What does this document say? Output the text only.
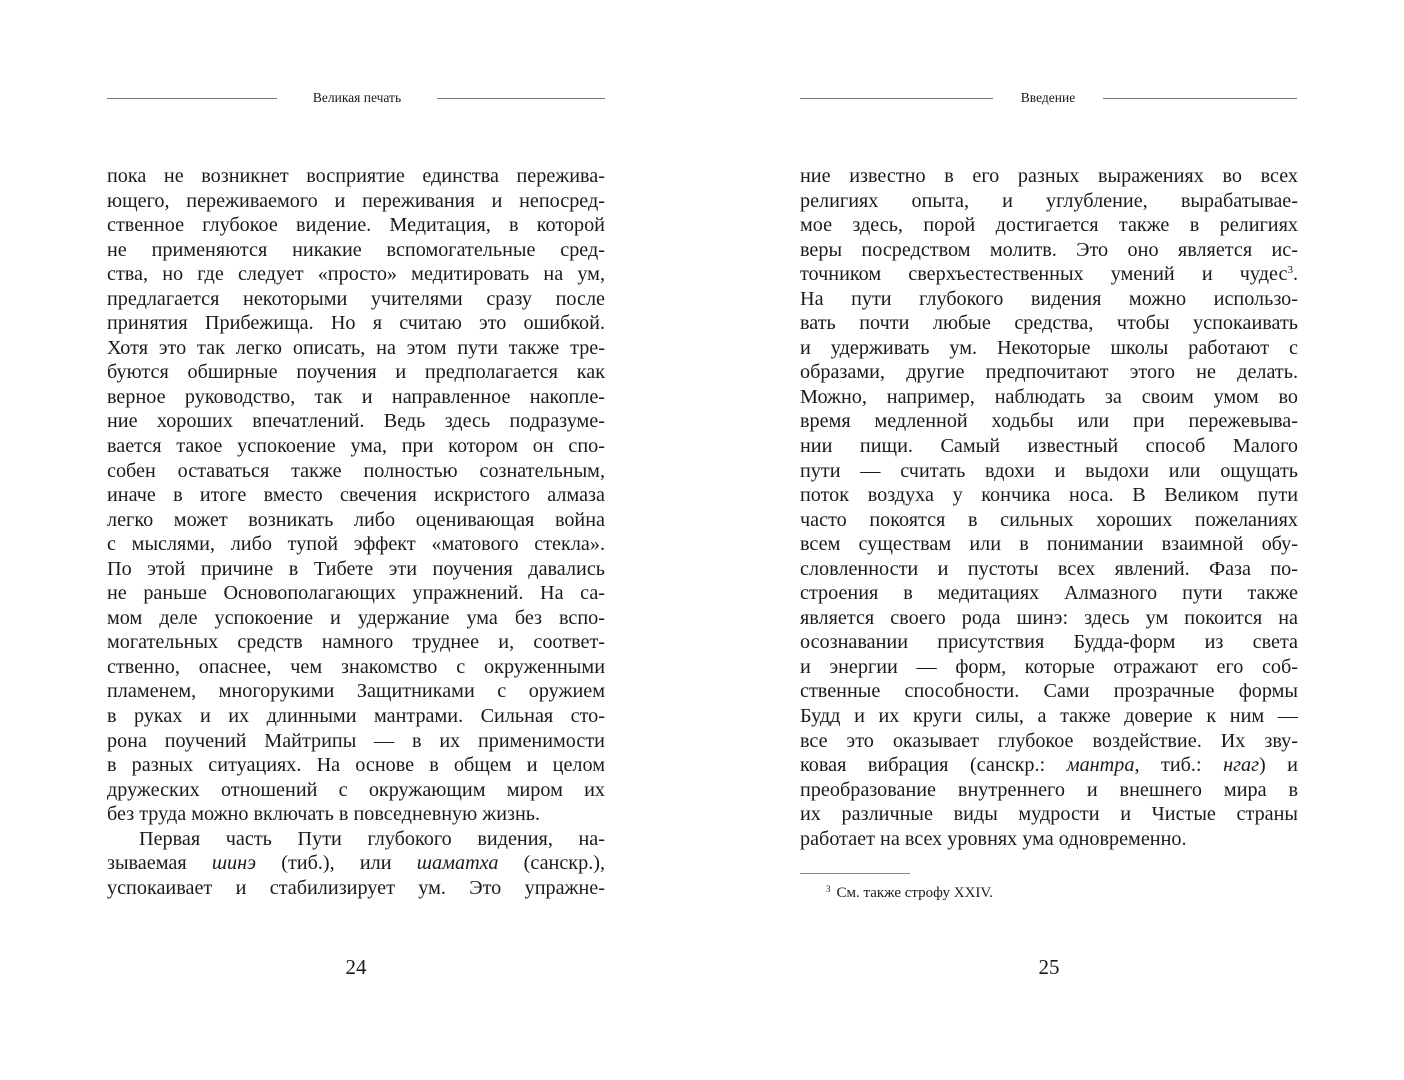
Великая печать
пока не возникнет восприятие единства пережива-
ющего, переживаемого и переживания и непосред-
ственное глубокое видение. Медитация, в которой
не применяются никакие вспомогательные сред-
ства, но где следует «просто» медитировать на ум,
предлагается некоторыми учителями сразу после
принятия Прибежища. Но я считаю это ошибкой.
Хотя это так легко описать, на этом пути также тре-
буются обширные поучения и предполагается как
верное руководство, так и направленное накопле-
ние хороших впечатлений. Ведь здесь подразуме-
вается такое успокоение ума, при котором он спо-
собен оставаться также полностью сознательным,
иначе в итоге вместо свечения искристого алмаза
легко может возникать либо оценивающая война
с мыслями, либо тупой эффект «матового стекла».
По этой причине в Тибете эти поучения давались
не раньше Основополагающих упражнений. На са-
мом деле успокоение и удержание ума без вспо-
могательных средств намного труднее и, соответ-
ственно, опаснее, чем знакомство с окруженными
пламенем, многорукими Защитниками с оружием
в руках и их длинными мантрами. Сильная сто-
рона поучений Майтрипы — в их применимости
в разных ситуациях. На основе в общем и целом
дружеских отношений с окружающим миром их
без труда можно включать в повседневную жизнь.
Первая часть Пути глубокого видения, на-
зываемая шинэ (тиб.), или шаматха (санскр.),
успокаивает и стабилизирует ум. Это упражне-
24
Введение
ние известно в его разных выражениях во всех
религиях опыта, и углубление, вырабатывае-
мое здесь, порой достигается также в религиях
веры посредством молитв. Это оно является ис-
точником сверхъестественных умений и чудес$^3$.
На пути глубокого видения можно использо-
вать почти любые средства, чтобы успокаивать
и удерживать ум. Некоторые школы работают с
образами, другие предпочитают этого не делать.
Можно, например, наблюдать за своим умом во
время медленной ходьбы или при пережевыва-
нии пищи. Самый известный способ Малого
пути — считать вдохи и выдохи или ощущать
поток воздуха у кончика носа. В Великом пути
часто покоятся в сильных хороших пожеланиях
всем существам или в понимании взаимной обу-
словленности и пустоты всех явлений. Фаза по-
строения в медитациях Алмазного пути также
является своего рода шинэ: здесь ум покоится на
осознавании присутствия Будда-форм из света
и энергии — форм, которые отражают его соб-
ственные способности. Сами прозрачные формы
Будд и их круги силы, а также доверие к ним —
все это оказывает глубокое воздействие. Их зву-
ковая вибрация (санскр.: мантра, тиб.: нгаг) и
преобразование внутреннего и внешнего мира в
их различные виды мудрости и Чистые страны
работает на всех уровнях ума одновременно.
25
$^3$ См. также строфу XXIV.
